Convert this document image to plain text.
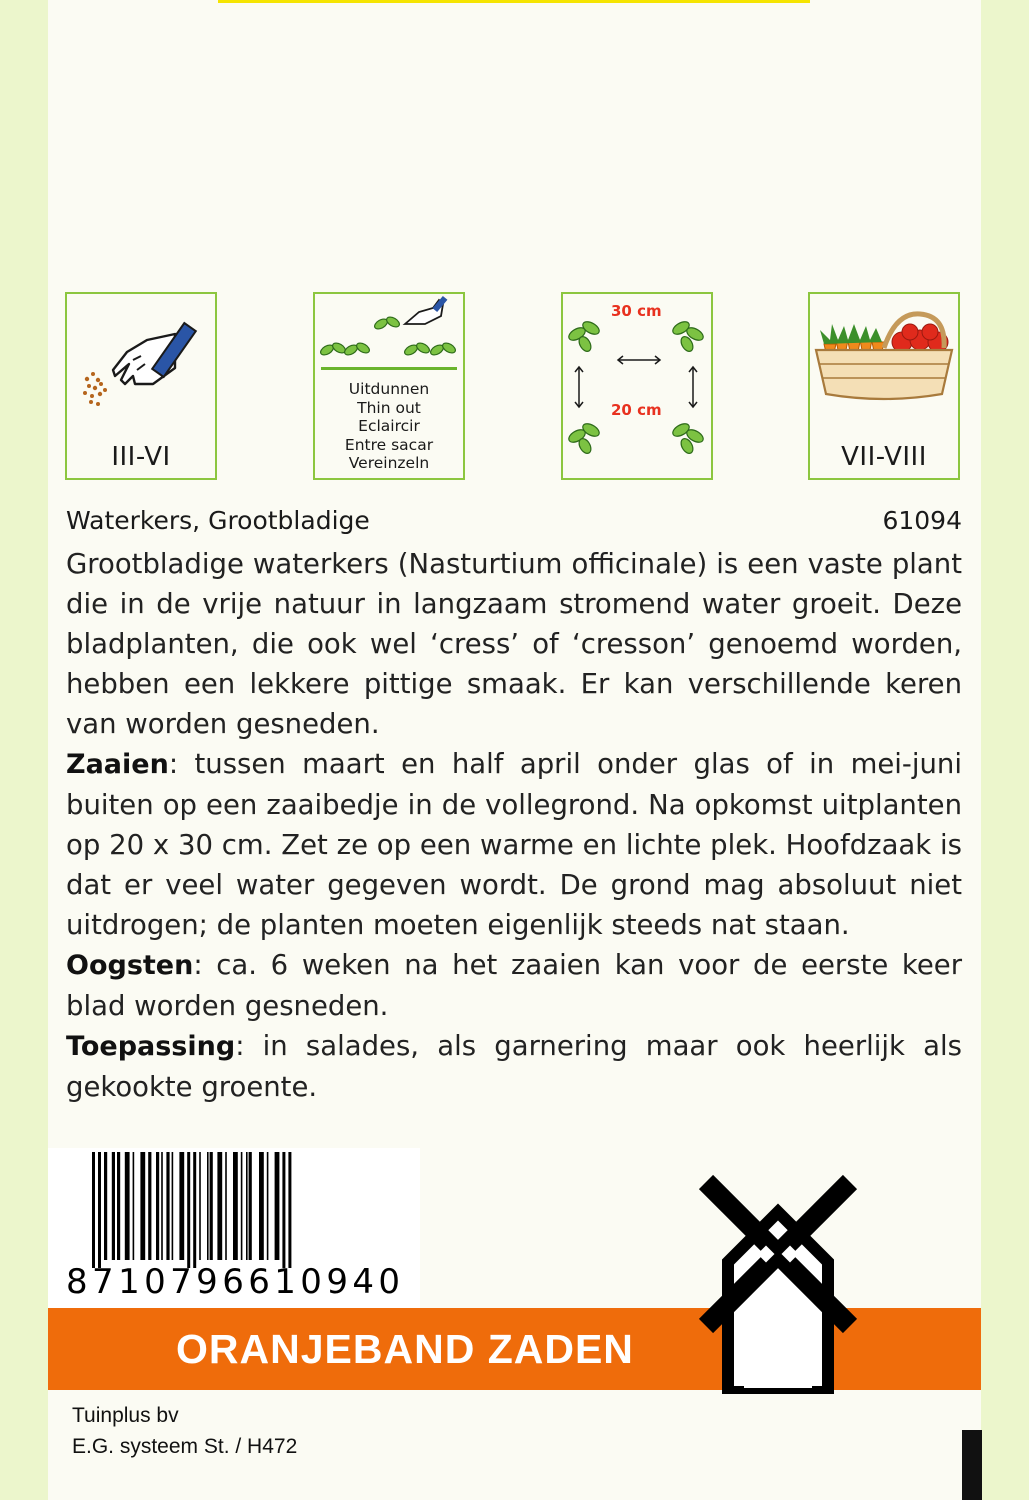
III-VI
Uitdunnen
Thin out
Eclaircir
Entre sacar
Vereinzeln
30 cm
20 cm
VII-VIII
Waterkers, Grootbladige	61094

Grootbladige waterkers (Nasturtium officinale) is een vaste plant die in de vrije natuur in langzaam stromend water groeit. Deze bladplanten, die ook wel ‘cress’ of ‘cresson’ genoemd worden, hebben een lekkere pittige smaak. Er kan verschillende keren van worden gesneden.

Zaaien: tussen maart en half april onder glas of in mei-juni buiten op een zaaibedje in de vollegrond. Na opkomst uitplanten op 20 x 30 cm. Zet ze op een warme en lichte plek. Hoofdzaak is dat er veel water gegeven wordt. De grond mag absoluut niet uitdrogen; de planten moeten eigenlijk steeds nat staan.

Oogsten: ca. 6 weken na het zaaien kan voor de eerste keer blad worden gesneden.

Toepassing: in salades, als garnering maar ook heerlijk als gekookte groente.

8710796610940
ORANJEBAND ZADEN
Tuinplus bv
E.G. systeem St. / H472
